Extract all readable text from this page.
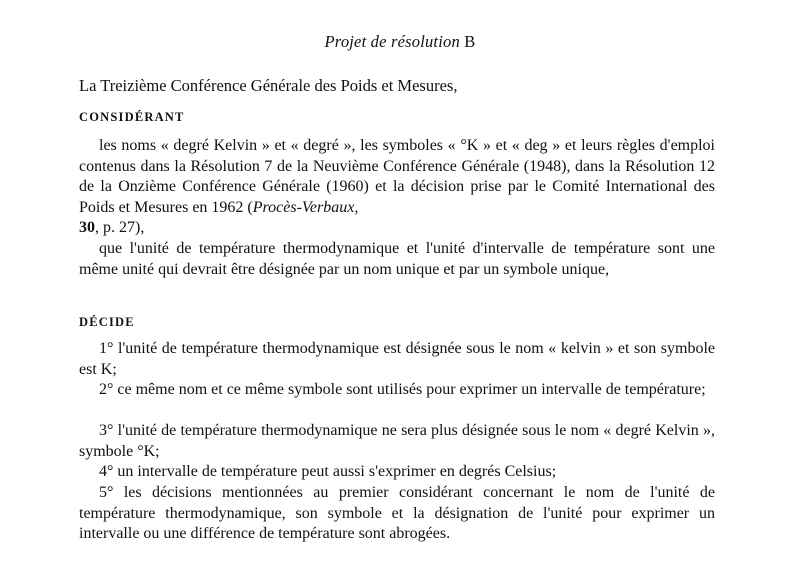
Projet de résolution B
La Treizième Conférence Générale des Poids et Mesures,
CONSIDÉRANT
les noms « degré Kelvin » et « degré », les symboles « °K » et « deg » et leurs règles d'emploi contenus dans la Résolution 7 de la Neuvième Conférence Générale (1948), dans la Résolution 12 de la Onzième Conférence Générale (1960) et la décision prise par le Comité International des Poids et Mesures en 1962 (Procès-Verbaux,
30, p. 27),
que l'unité de température thermodynamique et l'unité d'intervalle de température sont une même unité qui devrait être désignée par un nom unique et par un symbole unique,
DÉCIDE
1° l'unité de température thermodynamique est désignée sous le nom « kelvin » et son symbole est K;
2° ce même nom et ce même symbole sont utilisés pour exprimer un intervalle de température;
3° l'unité de température thermodynamique ne sera plus désignée sous le nom « degré Kelvin », symbole °K;
4° un intervalle de température peut aussi s'exprimer en degrés Celsius;
5° les décisions mentionnées au premier considérant concernant le nom de l'unité de température thermodynamique, son symbole et la désignation de l'unité pour exprimer un intervalle ou une différence de température sont abrogées.
